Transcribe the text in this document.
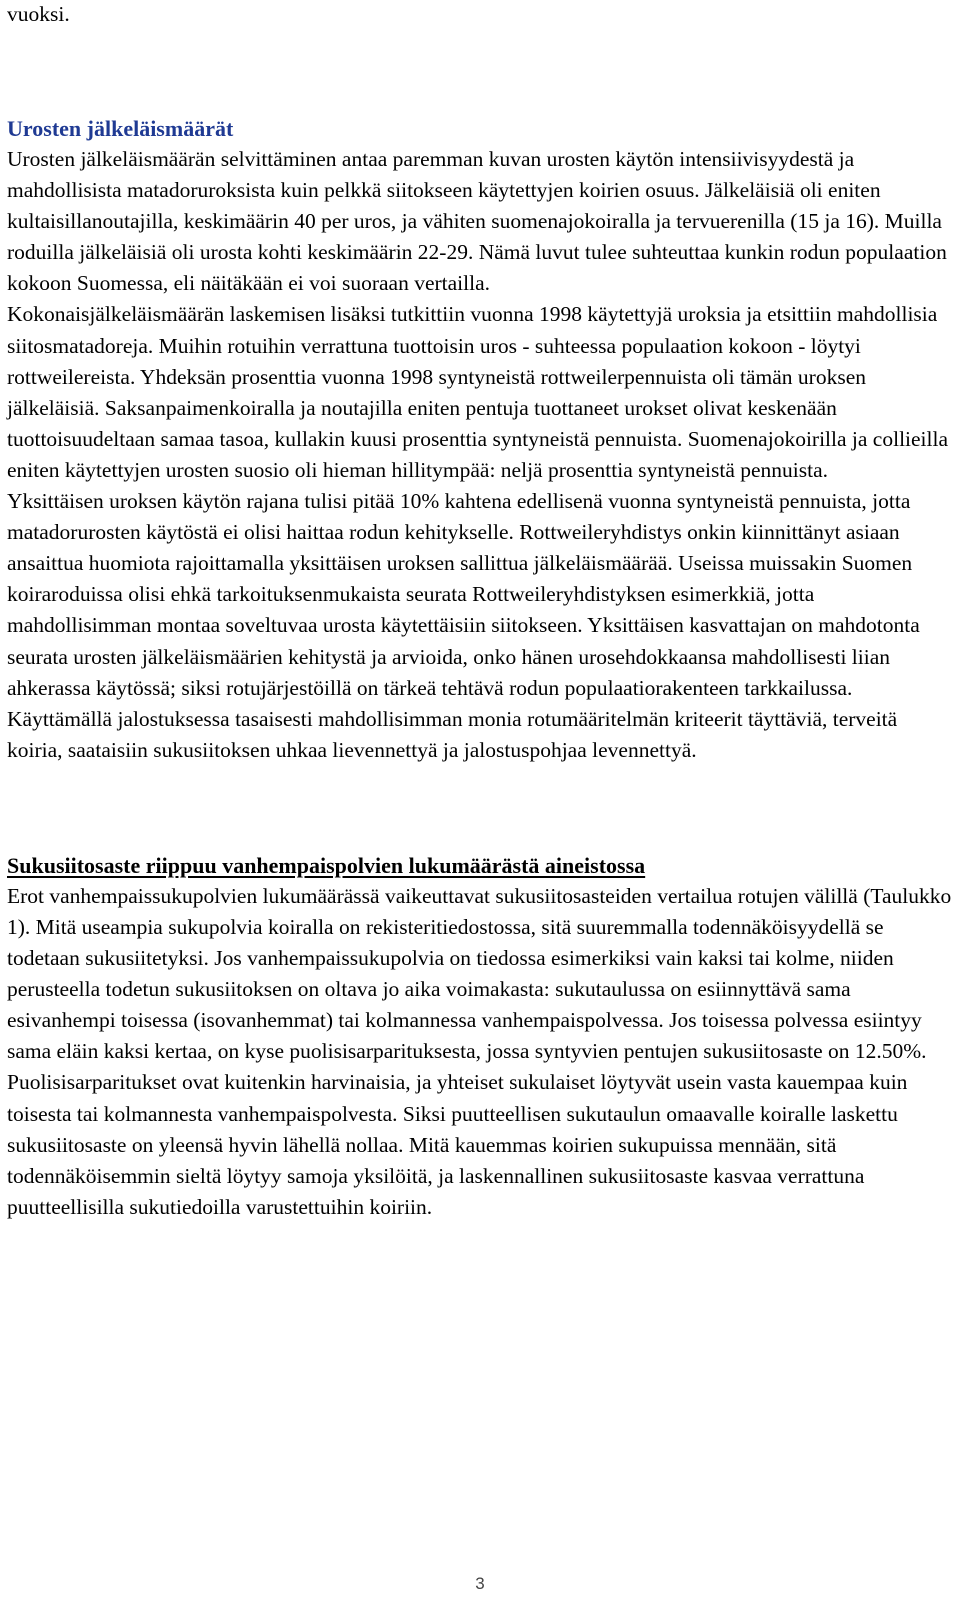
vuoksi.

Urosten jälkeläismäärät

Urosten jälkeläismäärän selvittäminen antaa paremman kuvan urosten käytön intensiivisyydestä ja mahdollisista matadoruroksista kuin pelkkä siitokseen käytettyjen koirien osuus. Jälkeläisiä oli eniten kultaisillanoutajilla, keskimäärin 40 per uros, ja vähiten suomenajokoiralla ja tervuerenilla (15 ja 16). Muilla roduilla jälkeläisiä oli urosta kohti keskimäärin 22-29. Nämä luvut tulee suhteuttaa kunkin rodun populaation kokoon Suomessa, eli näitäkään ei voi suoraan vertailla.

Kokonaisjälkeläismäärän laskemisen lisäksi tutkittiin vuonna 1998 käytettyjä uroksia ja etsittiin mahdollisia siitosmatadoreja. Muihin rotuihin verrattuna tuottoisin uros - suhteessa populaation kokoon - löytyi rottweilereista. Yhdeksän prosenttia vuonna 1998 syntyneistä rottweilerpennuista oli tämän uroksen jälkeläisiä. Saksanpaimenkoiralla ja noutajilla eniten pentuja tuottaneet urokset olivat keskenään tuottoisuudeltaan samaa tasoa, kullakin kuusi prosenttia syntyneistä pennuista. Suomenajokoirilla ja collieilla eniten käytettyjen urosten suosio oli hieman hillitympää: neljä prosenttia syntyneistä pennuista.

Yksittäisen uroksen käytön rajana tulisi pitää 10% kahtena edellisenä vuonna syntyneistä pennuista, jotta matadorurosten käytöstä ei olisi haittaa rodun kehitykselle. Rottweileryhdistys onkin kiinnittänyt asiaan ansaittua huomiota rajoittamalla yksittäisen uroksen sallittua jälkeläismäärää. Useissa muissakin Suomen koiraroduissa olisi ehkä tarkoituksenmukaista seurata Rottweileryhdistyksen esimerkkiä, jotta mahdollisimman montaa soveltuvaa urosta käytettäisiin siitokseen. Yksittäisen kasvattajan on mahdotonta seurata urosten jälkeläismäärien kehitystä ja arvioida, onko hänen urosehdokkaansa mahdollisesti liian ahkerassa käytössä; siksi rotujärjestöillä on tärkeä tehtävä rodun populaatiorakenteen tarkkailussa. Käyttämällä jalostuksessa tasaisesti mahdollisimman monia rotumääritelmän kriteerit täyttäviä, terveitä koiria, saataisiin sukusiitoksen uhkaa lievennettyä ja jalostuspohjaa levennettyä.

Sukusiitosaste riippuu vanhempaispolvien lukumäärästä aineistossa

Erot vanhempaissukupolvien lukumäärässä vaikeuttavat sukusiitosasteiden vertailua rotujen välillä (Taulukko 1). Mitä useampia sukupolvia koiralla on rekisteritiedostossa, sitä suuremmalla todennäköisyydellä se todetaan sukusiitetyksi. Jos vanhempaissukupolvia on tiedossa esimerkiksi vain kaksi tai kolme, niiden perusteella todetun sukusiitoksen on oltava jo aika voimakasta: sukutaulussa on esiinnyttävä sama esivanhempi toisessa (isovanhemmat) tai kolmannessa vanhempaispolvessa. Jos toisessa polvessa esiintyy sama eläin kaksi kertaa, on kyse puolisisarparituksesta, jossa syntyvien pentujen sukusiitosaste on 12.50%. Puolisisarparitukset ovat kuitenkin harvinaisia, ja yhteiset sukulaiset löytyvät usein vasta kauempaa kuin toisesta tai kolmannesta vanhempaispolvesta. Siksi puutteellisen sukutaulun omaavalle koiralle laskettu sukusiitosaste on yleensä hyvin lähellä nollaa. Mitä kauemmas koirien sukupuissa mennään, sitä todennäköisemmin sieltä löytyy samoja yksilöitä, ja laskennallinen sukusiitosaste kasvaa verrattuna puutteellisilla sukutiedoilla varustettuihin koiriin.

3
